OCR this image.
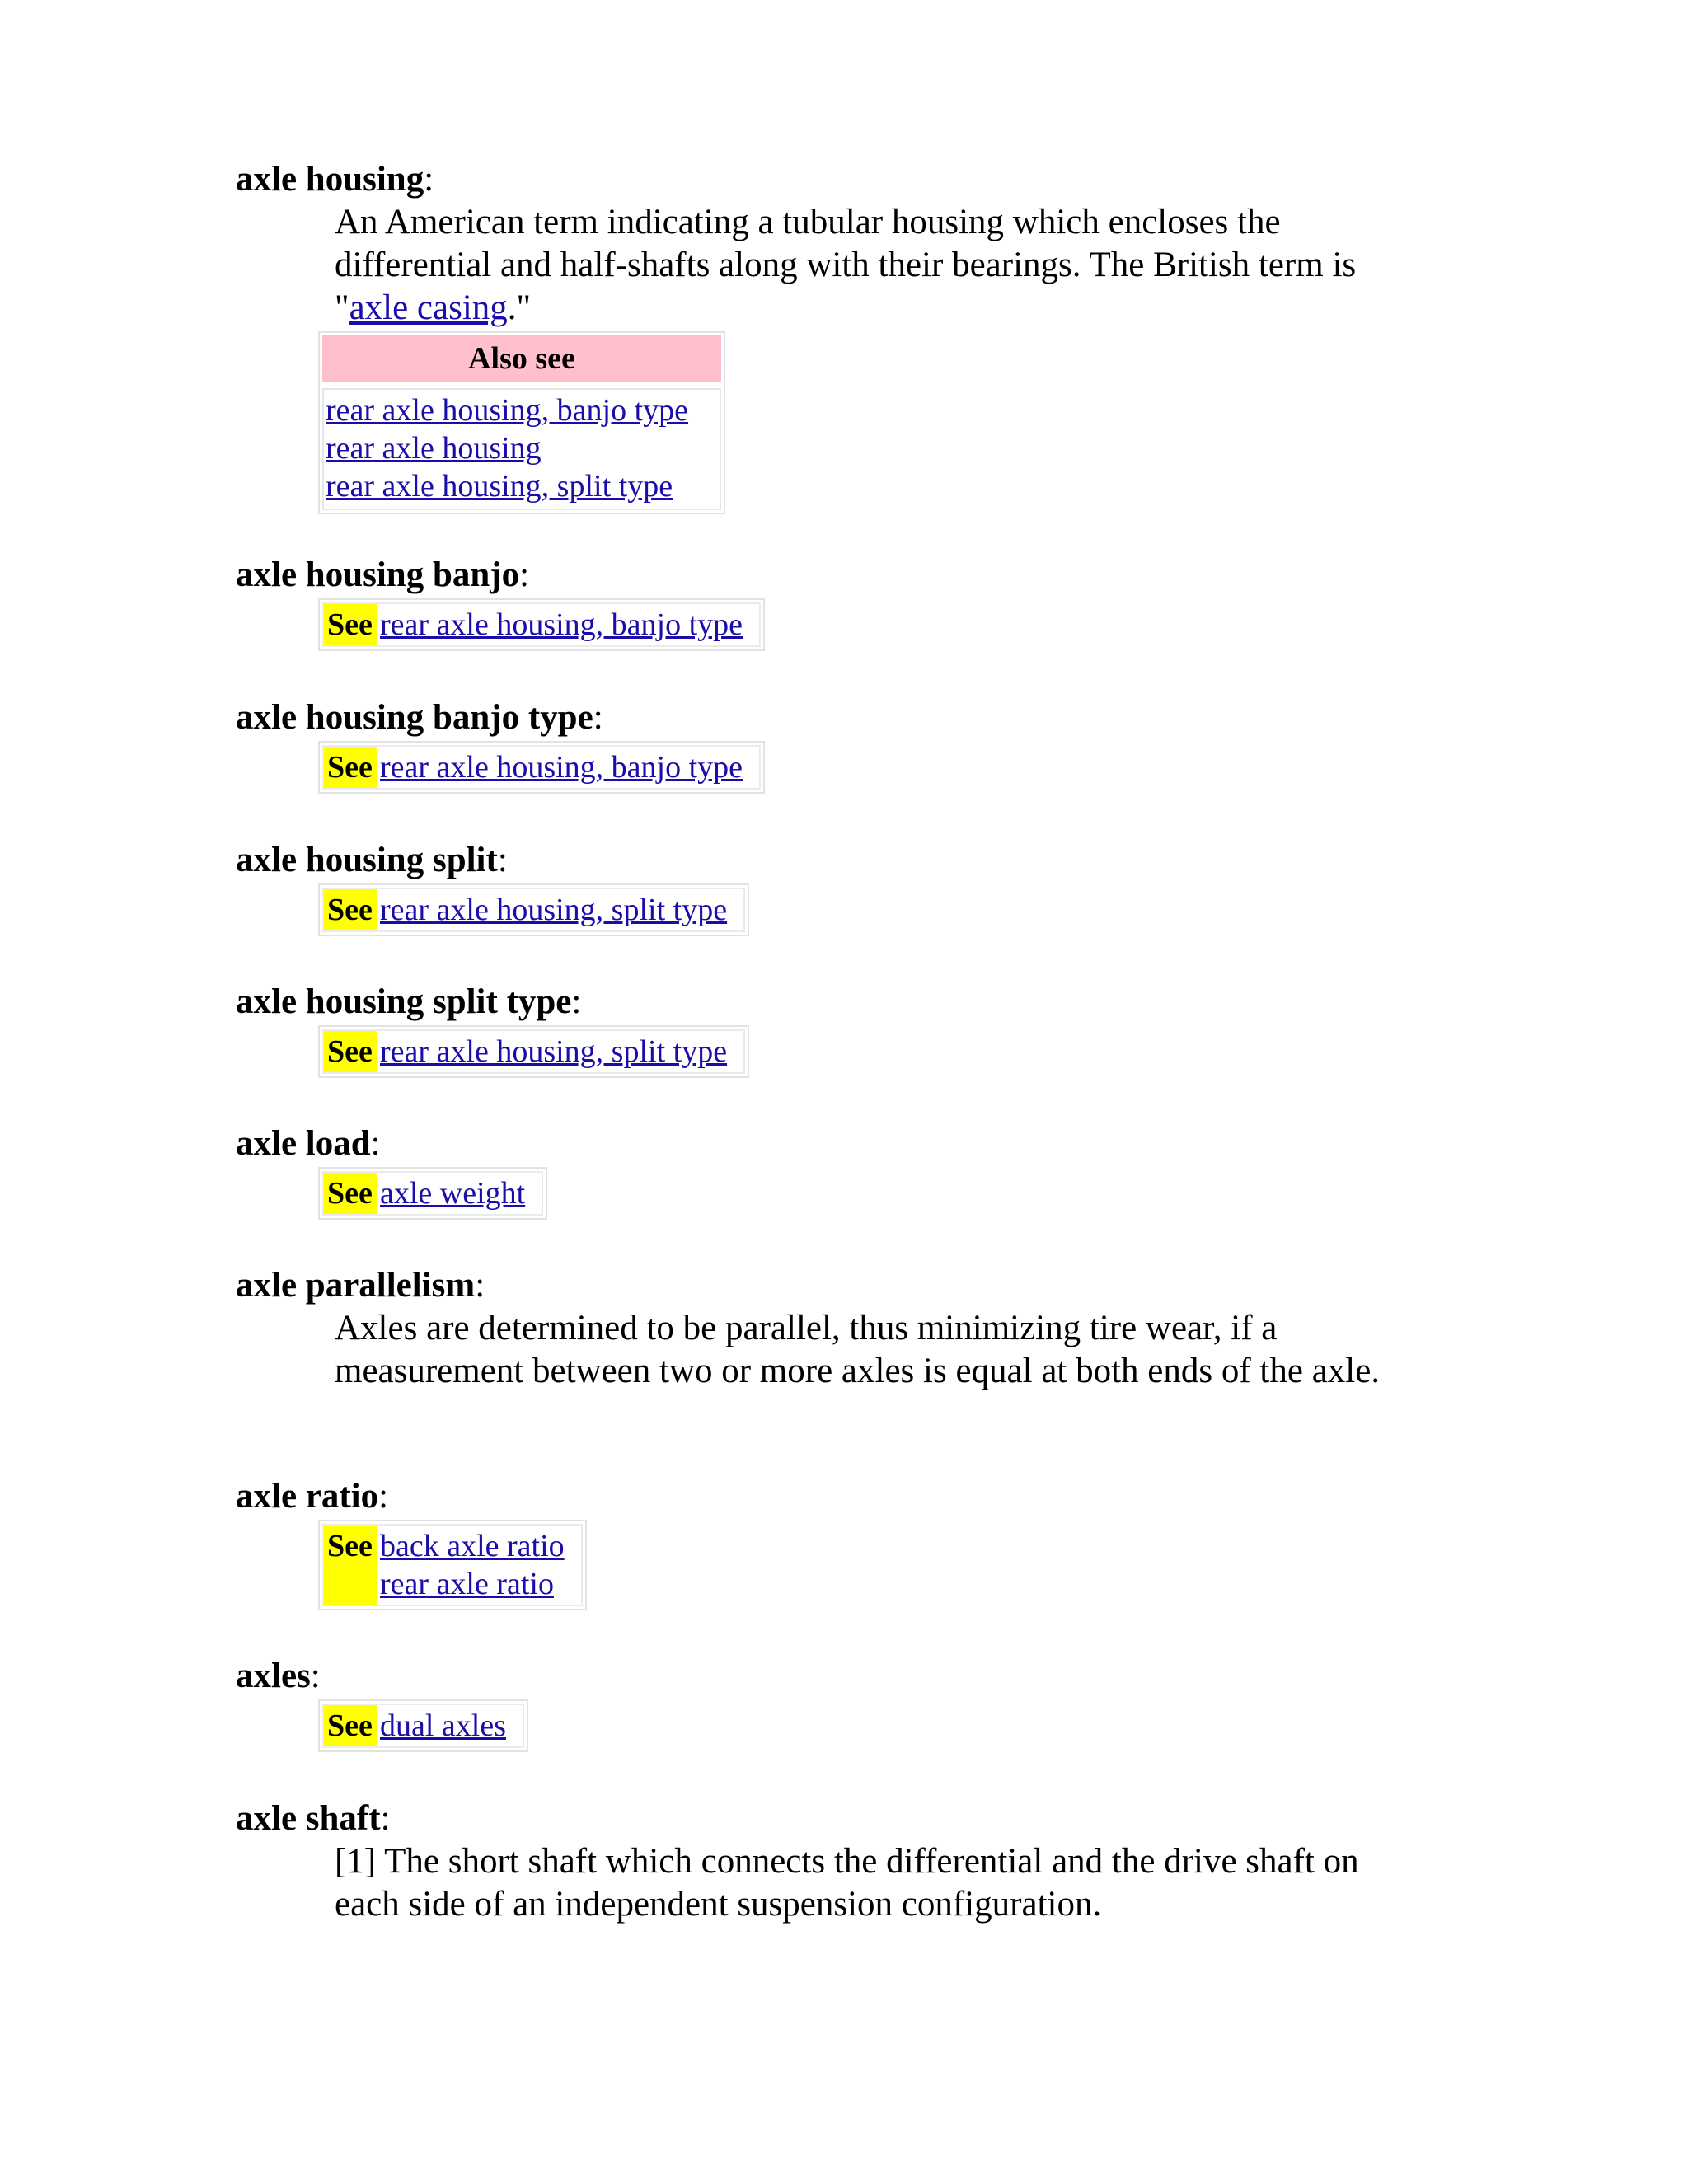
axle housing:
An American term indicating a tubular housing which encloses the differential and half-shafts along with their bearings. The British term is "axle casing."
Also see
rear axle housing, banjo type
rear axle housing
rear axle housing, split type
axle housing banjo:
See rear axle housing, banjo type
axle housing banjo type:
See rear axle housing, banjo type
axle housing split:
See rear axle housing, split type
axle housing split type:
See rear axle housing, split type
axle load:
See axle weight
axle parallelism:
Axles are determined to be parallel, thus minimizing tire wear, if a measurement between two or more axles is equal at both ends of the axle.
axle ratio:
See back axle ratio
rear axle ratio
axles:
See dual axles
axle shaft:
[1] The short shaft which connects the differential and the drive shaft on each side of an independent suspension configuration.
